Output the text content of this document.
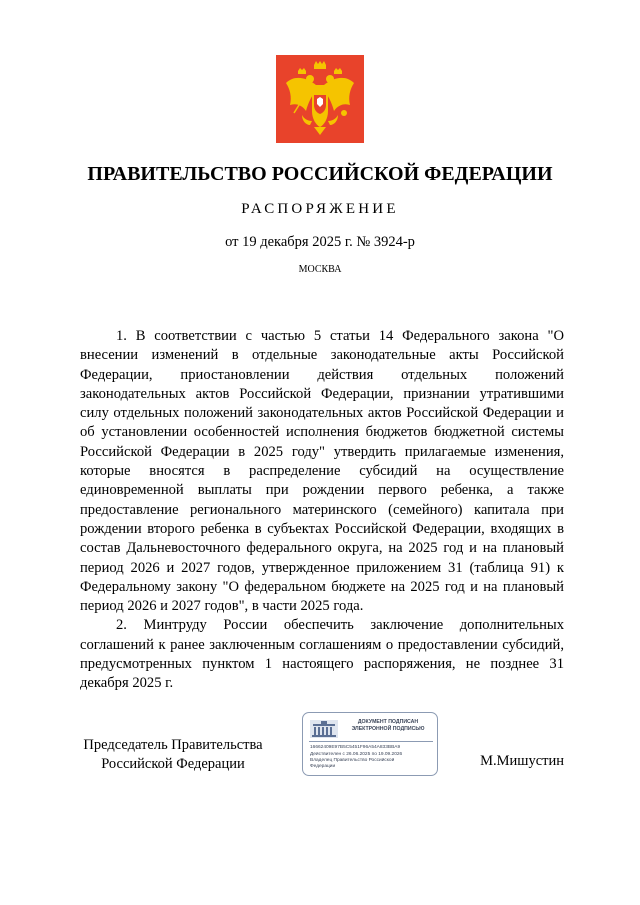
ПРАВИТЕЛЬСТВО РОССИЙСКОЙ ФЕДЕРАЦИИ
РАСПОРЯЖЕНИЕ
от 19 декабря 2025 г. № 3924-р
МОСКВА

1. В соответствии с частью 5 статьи 14 Федерального закона "О внесении изменений в отдельные законодательные акты Российской Федерации, приостановлении действия отдельных положений законодательных актов Российской Федерации, признании утратившими силу отдельных положений законодательных актов Российской Федерации и об установлении особенностей исполнения бюджетов бюджетной системы Российской Федерации в 2025 году" утвердить прилагаемые изменения, которые вносятся в распределение субсидий на осуществление единовременной выплаты при рождении первого ребенка, а также предоставление регионального материнского (семейного) капитала при рождении второго ребенка в субъектах Российской Федерации, входящих в состав Дальневосточного федерального округа, на 2025 год и на плановый период 2026 и 2027 годов, утвержденное приложением 31 (таблица 91) к Федеральному закону "О федеральном бюджете на 2025 год и на плановый период 2026 и 2027 годов", в части 2025 года.

2. Минтруду России обеспечить заключение дополнительных соглашений к ранее заключенным соглашениям о предоставлении субсидий, предусмотренных пунктом 1 настоящего распоряжения, не позднее 31 декабря 2025 г.

Председатель Правительства
Российской Федерации
ДОКУМЕНТ ПОДПИСАН
ЭЛЕКТРОННОЙ ПОДПИСЬЮ
16662409E97B5C5451F96A54A833BBA9
Действителен с 26.06.2025 по 19.09.2026
Владелец Правительство Российской
Федерации	М.Мишустин
